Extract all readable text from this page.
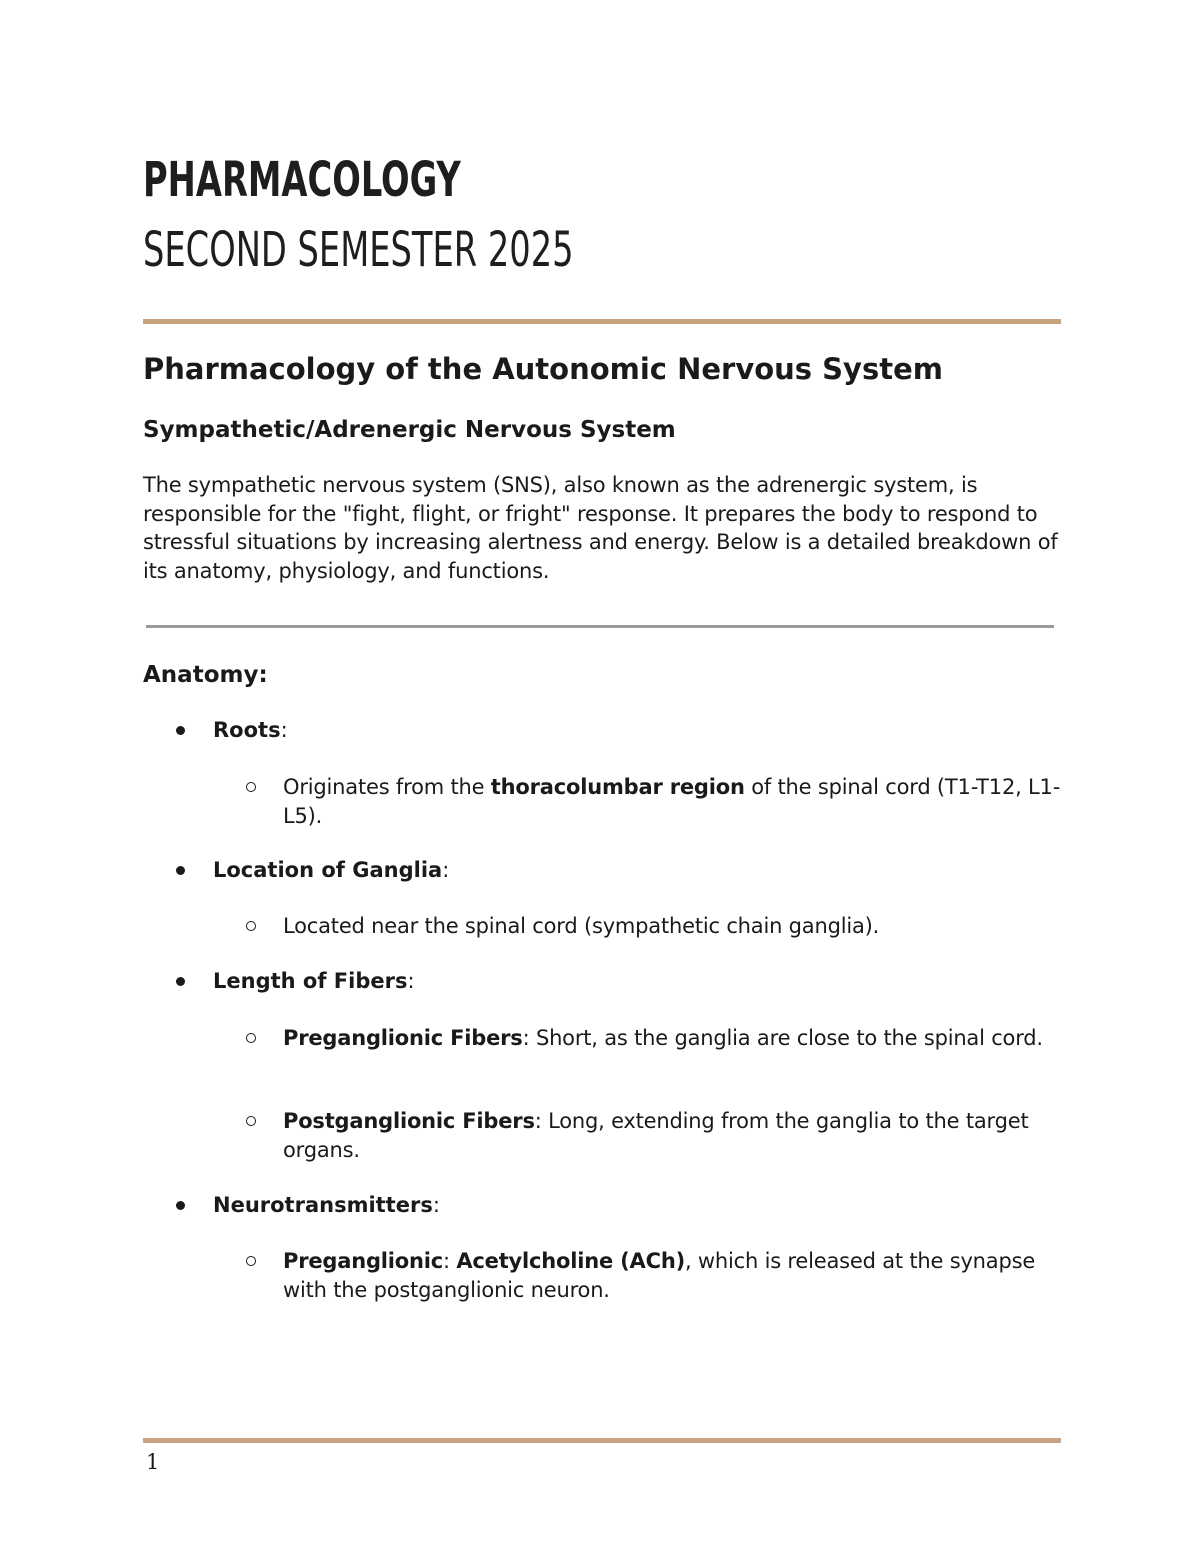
PHARMACOLOGY
SECOND SEMESTER 2025
Pharmacology of the Autonomic Nervous System
Sympathetic/Adrenergic Nervous System
The sympathetic nervous system (SNS), also known as the adrenergic system, is responsible for the "fight, flight, or fright" response. It prepares the body to respond to stressful situations by increasing alertness and energy. Below is a detailed breakdown of its anatomy, physiology, and functions.
Anatomy:
Roots:
Originates from the thoracolumbar region of the spinal cord (T1-T12, L1-L5).
Location of Ganglia:
Located near the spinal cord (sympathetic chain ganglia).
Length of Fibers:
Preganglionic Fibers: Short, as the ganglia are close to the spinal cord.
Postganglionic Fibers: Long, extending from the ganglia to the target organs.
Neurotransmitters:
Preganglionic: Acetylcholine (ACh), which is released at the synapse with the postganglionic neuron.
1
